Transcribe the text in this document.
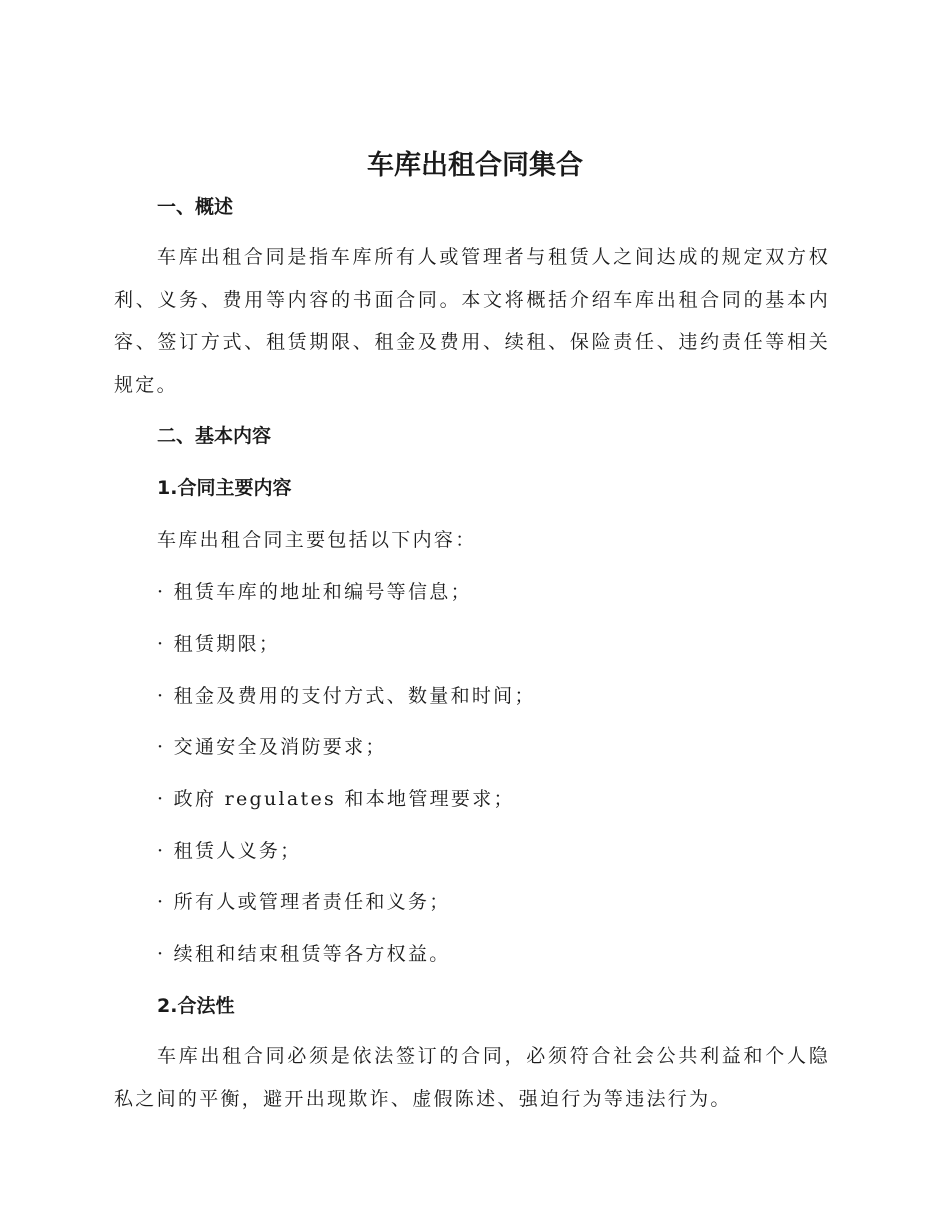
车库出租合同集合
一、概述

车库出租合同是指车库所有人或管理者与租赁人之间达成的规定双方权利、义务、费用等内容的书面合同。本文将概括介绍车库出租合同的基本内容、签订方式、租赁期限、租金及费用、续租、保险责任、违约责任等相关规定。

二、基本内容
1.合同主要内容

车库出租合同主要包括以下内容：

· 租赁车库的地址和编号等信息；

· 租赁期限；

· 租金及费用的支付方式、数量和时间；

· 交通安全及消防要求；

· 政府 regulates 和本地管理要求；

· 租赁人义务；

· 所有人或管理者责任和义务；

· 续租和结束租赁等各方权益。

2.合法性

车库出租合同必须是依法签订的合同，必须符合社会公共利益和个人隐私之间的平衡，避开出现欺诈、虚假陈述、强迫行为等违法行为。
